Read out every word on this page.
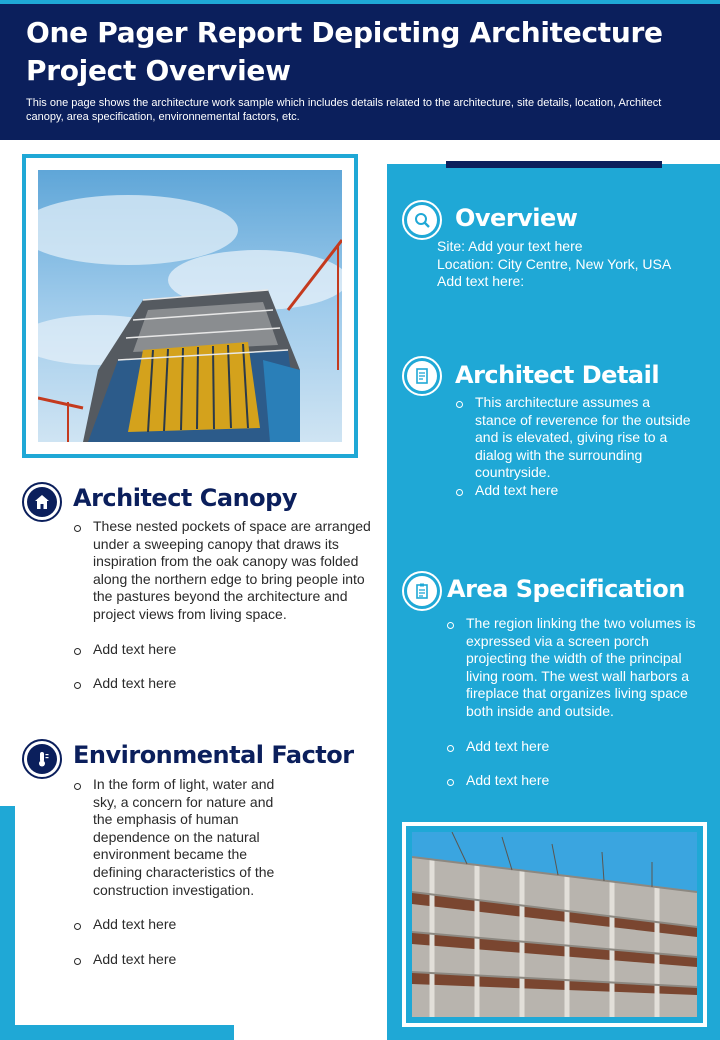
One Pager Report Depicting Architecture
Project Overview

This one page shows the architecture work sample which includes details related to the architecture, site details, location, Architect canopy, area specification, environnemental factors, etc.

Architect Canopy
These nested pockets of space are arranged under a sweeping canopy that draws its inspiration from the oak canopy was folded along the northern edge to bring people into the pastures beyond the architecture and project views from living space.
Add text here
Add text here
Environmental Factor
In the form of light, water and sky, a concern for nature and the emphasis of human dependence on the natural environment became the defining characteristics of the construction investigation.
Add text here
Add text here
Overview
Site: Add your text here
Location: City Centre, New York, USA
Add text here:
Architect Detail
This architecture assumes a stance of reverence for the outside and is elevated, giving rise to a dialog with the surrounding countryside.
Add text here
Area Specification
The region linking the two volumes is expressed via a screen porch projecting the width of the principal living room. The west wall harbors a fireplace that organizes living space both inside and outside.
Add text here
Add text here
